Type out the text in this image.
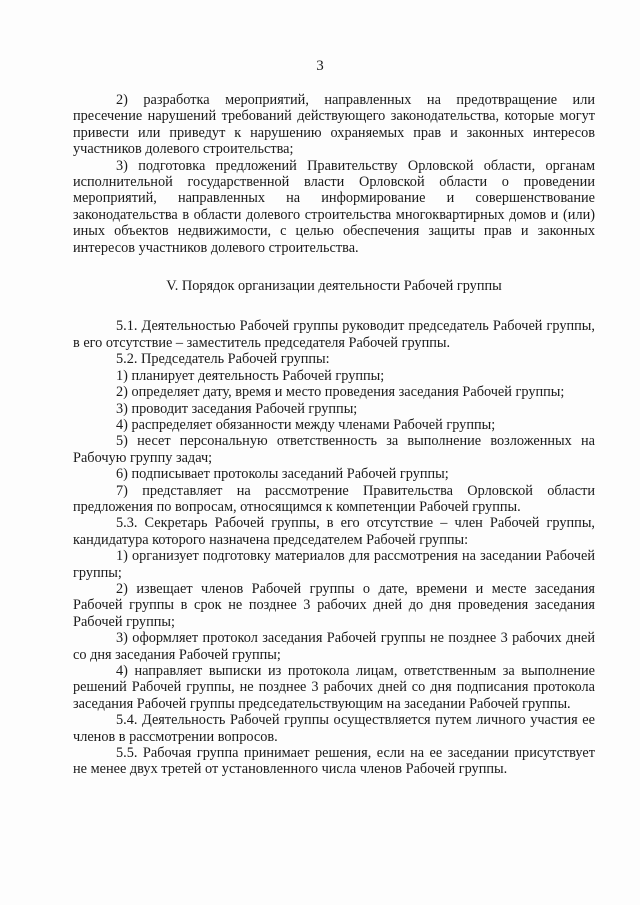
3

2) разработка мероприятий, направленных на предотвращение или пресечение нарушений требований действующего законодательства, которые могут привести или приведут к нарушению охраняемых прав и законных интересов участников долевого строительства;

3) подготовка предложений Правительству Орловской области, органам исполнительной государственной власти Орловской области о проведении мероприятий, направленных на информирование и совершенствование законодательства в области долевого строительства многоквартирных домов и (или) иных объектов недвижимости, с целью обеспечения защиты прав и законных интересов участников долевого строительства.

V. Порядок организации деятельности Рабочей группы

5.1. Деятельностью Рабочей группы руководит председатель Рабочей группы, в его отсутствие – заместитель председателя Рабочей группы.

5.2. Председатель Рабочей группы:

1) планирует деятельность Рабочей группы;

2) определяет дату, время и место проведения заседания Рабочей группы;

3) проводит заседания Рабочей группы;

4) распределяет обязанности между членами Рабочей группы;

5) несет персональную ответственность за выполнение возложенных на Рабочую группу задач;

6) подписывает протоколы заседаний Рабочей группы;

7) представляет на рассмотрение Правительства Орловской области предложения по вопросам, относящимся к компетенции Рабочей группы.

5.3. Секретарь Рабочей группы, в его отсутствие – член Рабочей группы, кандидатура которого назначена председателем Рабочей группы:

1) организует подготовку материалов для рассмотрения на заседании Рабочей группы;

2) извещает членов Рабочей группы о дате, времени и месте заседания Рабочей группы в срок не позднее 3 рабочих дней до дня проведения заседания Рабочей группы;

3) оформляет протокол заседания Рабочей группы не позднее 3 рабочих дней со дня заседания Рабочей группы;

4) направляет выписки из протокола лицам, ответственным за выполнение решений Рабочей группы, не позднее 3 рабочих дней со дня подписания протокола заседания Рабочей группы председательствующим на заседании Рабочей группы.

5.4. Деятельность Рабочей группы осуществляется путем личного участия ее членов в рассмотрении вопросов.

5.5. Рабочая группа принимает решения, если на ее заседании присутствует не менее двух третей от установленного числа членов Рабочей группы.
